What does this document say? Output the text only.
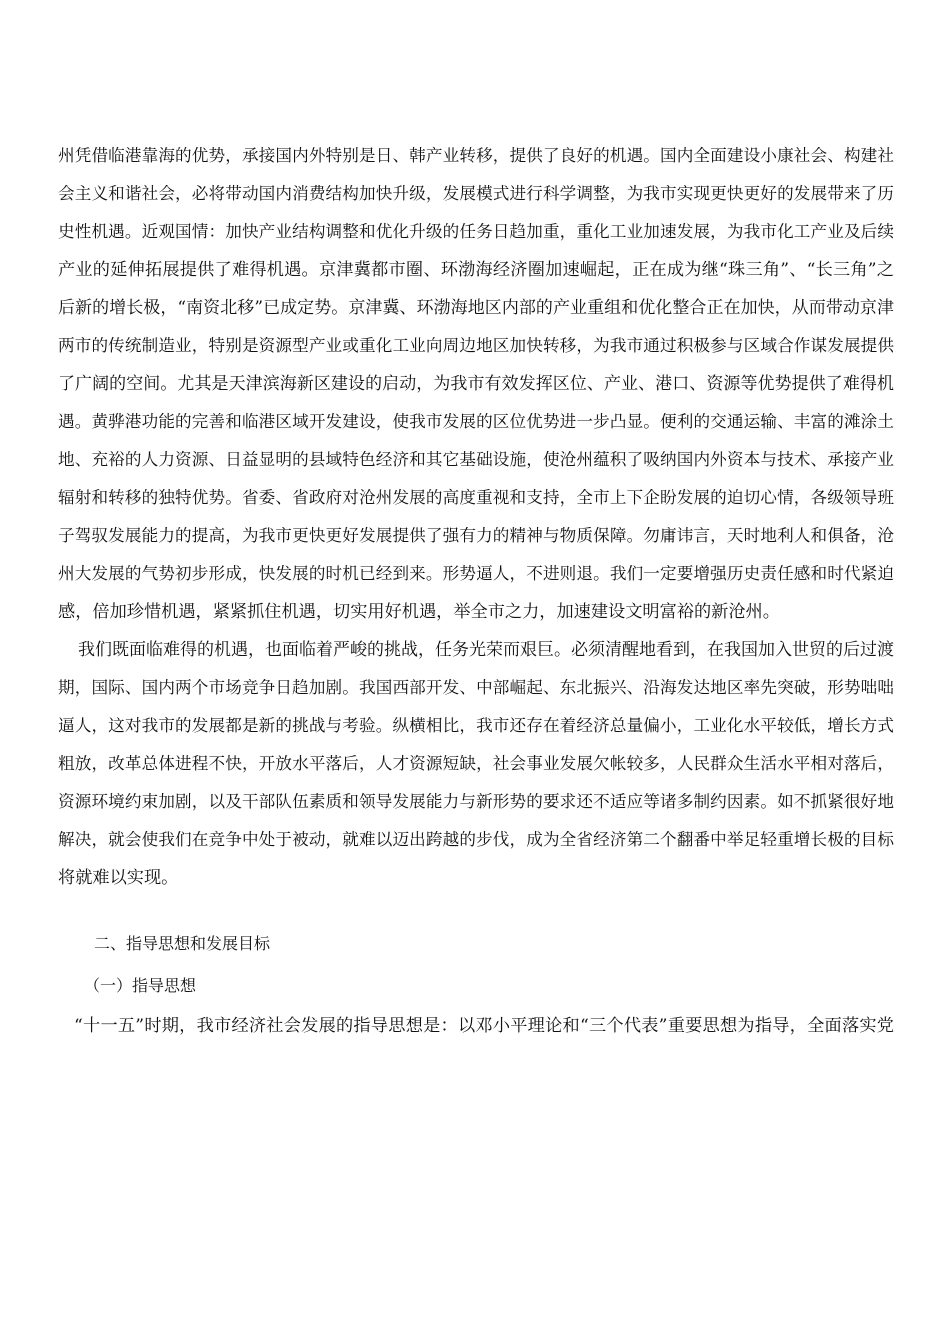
州凭借临港靠海的优势，承接国内外特别是日、韩产业转移，提供了良好的机遇。国内全面建设小康社会、构建社
会主义和谐社会，必将带动国内消费结构加快升级，发展模式进行科学调整，为我市实现更快更好的发展带来了历
史性机遇。近观国情：加快产业结构调整和优化升级的任务日趋加重，重化工业加速发展，为我市化工产业及后续
产业的延伸拓展提供了难得机遇。京津冀都市圈、环渤海经济圈加速崛起，正在成为继“珠三角”、“长三角”之
后新的增长极，“南资北移”已成定势。京津冀、环渤海地区内部的产业重组和优化整合正在加快，从而带动京津
两市的传统制造业，特别是资源型产业或重化工业向周边地区加快转移，为我市通过积极参与区域合作谋发展提供
了广阔的空间。尤其是天津滨海新区建设的启动，为我市有效发挥区位、产业、港口、资源等优势提供了难得机
遇。黄骅港功能的完善和临港区域开发建设，使我市发展的区位优势进一步凸显。便利的交通运输、丰富的滩涂土
地、充裕的人力资源、日益显明的县域特色经济和其它基础设施，使沧州蕴积了吸纳国内外资本与技术、承接产业
辐射和转移的独特优势。省委、省政府对沧州发展的高度重视和支持，全市上下企盼发展的迫切心情，各级领导班
子驾驭发展能力的提高，为我市更快更好发展提供了强有力的精神与物质保障。勿庸讳言，天时地利人和俱备，沧
州大发展的气势初步形成，快发展的时机已经到来。形势逼人，不进则退。我们一定要增强历史责任感和时代紧迫
感，倍加珍惜机遇，紧紧抓住机遇，切实用好机遇，举全市之力，加速建设文明富裕的新沧州。
我们既面临难得的机遇，也面临着严峻的挑战，任务光荣而艰巨。必须清醒地看到，在我国加入世贸的后过渡
期，国际、国内两个市场竞争日趋加剧。我国西部开发、中部崛起、东北振兴、沿海发达地区率先突破，形势咄咄
逼人，这对我市的发展都是新的挑战与考验。纵横相比，我市还存在着经济总量偏小，工业化水平较低，增长方式
粗放，改革总体进程不快，开放水平落后，人才资源短缺，社会事业发展欠帐较多，人民群众生活水平相对落后，
资源环境约束加剧，以及干部队伍素质和领导发展能力与新形势的要求还不适应等诸多制约因素。如不抓紧很好地
解决，就会使我们在竞争中处于被动，就难以迈出跨越的步伐，成为全省经济第二个翻番中举足轻重增长极的目标
将就难以实现。
二、指导思想和发展目标
（一）指导思想
“十一五”时期，我市经济社会发展的指导思想是：以邓小平理论和“三个代表”重要思想为指导，全面落实党
